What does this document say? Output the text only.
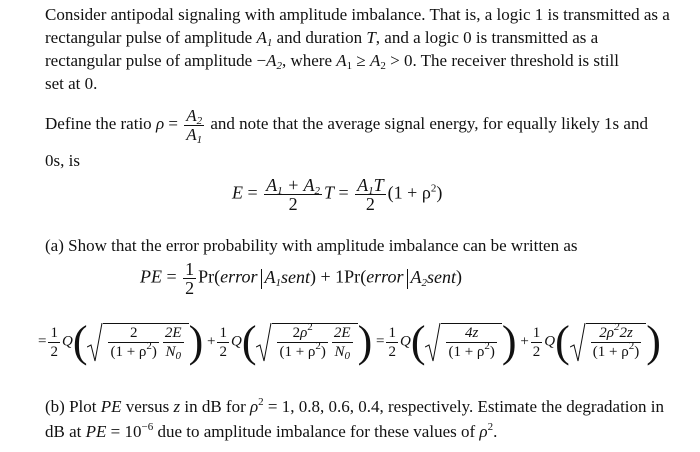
Consider antipodal signaling with amplitude imbalance. That is, a logic 1 is transmitted as a
rectangular pulse of amplitude $A_1$ and duration T, and a logic 0 is transmitted as a
rectangular pulse of amplitude $-A_2$, where $A_1 \ge A_2 > 0$. The receiver threshold is still
set at 0.
Define the ratio $\rho = \frac{A_2}{A_1}$ and note that the average signal energy, for equally likely 1s and
0s, is
$E = \frac{A_1 + A_2}{2}$ $T = \frac{A_1T}{2} (1 + \rho^2)$
(a) Show that the error probability with amplitude imbalance can be written as
PE = $\frac{1}{2}$ Pr(error $A_1sent$) + 1Pr(error $A_2sent$)
= $\frac{1}{2} Q( \frac{2}{(1 + \rho^2)} \frac{2E}{N_0}$ ) + $\frac{1}{2} Q( \frac{2\rho^2}{(1 + \rho^2)} \frac{2E}{N_0}$ ) = $\frac{1}{2} Q( \frac{4z}{(1 + \rho^2)}$ ) + $\frac{1}{2} Q( \frac{2\rho^22z}{(1 + \rho^2)}$ )
(b) Plot PE versus z in dB for $\rho^2 = 1$, 0.8, 0.6, 0.4, respectively. Estimate the degradation in
dB at PE = $10^{-6}$ due to amplitude imbalance for these values of $\rho^2$.
